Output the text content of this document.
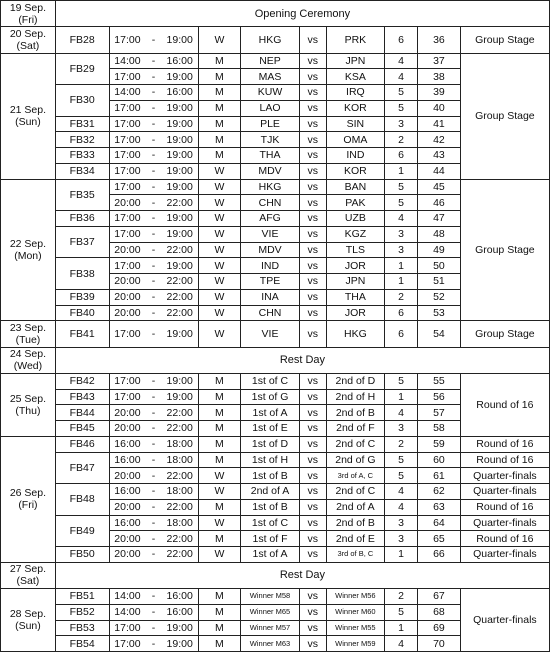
19 Sep.
(Fri)	Opening Ceremony								

20 Sep.
(Sat)	FB28	17:00 - 19:00	W	HKG	vs	PRK	6	36	Group Stage

21 Sep.
(Sun)	FB29	14:00 - 16:00	M	NEP	vs	JPN	4	37	Group Stage
		17:00 - 19:00	M	MAS	vs	KSA	4	38	
	FB30	14:00 - 16:00	M	KUW	vs	IRQ	5	39	
		17:00 - 19:00	M	LAO	vs	KOR	5	40	
	FB31	17:00 - 19:00	M	PLE	vs	SIN	3	41	
	FB32	17:00 - 19:00	M	TJK	vs	OMA	2	42	
	FB33	17:00 - 19:00	M	THA	vs	IND	6	43	
	FB34	17:00 - 19:00	W	MDV	vs	KOR	1	44	

22 Sep.
(Mon)	FB35	17:00 - 19:00	W	HKG	vs	BAN	5	45	Group Stage
		20:00 - 22:00	W	CHN	vs	PAK	5	46	
	FB36	17:00 - 19:00	W	AFG	vs	UZB	4	47	
	FB37	17:00 - 19:00	W	VIE	vs	KGZ	3	48	
		20:00 - 22:00	W	MDV	vs	TLS	3	49	
	FB38	17:00 - 19:00	W	IND	vs	JOR	1	50	
		20:00 - 22:00	W	TPE	vs	JPN	1	51	
	FB39	20:00 - 22:00	W	INA	vs	THA	2	52	
	FB40	20:00 - 22:00	W	CHN	vs	JOR	6	53	

23 Sep.
(Tue)	FB41	17:00 - 19:00	W	VIE	vs	HKG	6	54	Group Stage

24 Sep.
(Wed)	Rest Day								

25 Sep.
(Thu)	FB42	17:00 - 19:00	M	1st of C	vs	2nd of D	5	55	Round of 16
	FB43	17:00 - 19:00	M	1st of G	vs	2nd of H	1	56	
	FB44	20:00 - 22:00	M	1st of A	vs	2nd of B	4	57	
	FB45	20:00 - 22:00	M	1st of E	vs	2nd of F	3	58	

26 Sep.
(Fri)	FB46	16:00 - 18:00	M	1st of D	vs	2nd of C	2	59	Round of 16
	FB47	16:00 - 18:00	M	1st of H	vs	2nd of G	5	60	Round of 16
		20:00 - 22:00	W	1st of B	vs	3rd of A, C	5	61	Quarter-finals
	FB48	16:00 - 18:00	W	2nd of A	vs	2nd of C	4	62	Quarter-finals
		20:00 - 22:00	M	1st of B	vs	2nd of A	4	63	Round of 16
	FB49	16:00 - 18:00	W	1st of C	vs	2nd of B	3	64	Quarter-finals
		20:00 - 22:00	M	1st of F	vs	2nd of E	3	65	Round of 16
	FB50	20:00 - 22:00	W	1st of A	vs	3rd of B, C	1	66	Quarter-finals

27 Sep.
(Sat)	Rest Day								

28 Sep.
(Sun)	FB51	14:00 - 16:00	M	Winner M58	vs	Winner M56	2	67	Quarter-finals
	FB52	14:00 - 16:00	M	Winner M65	vs	Winner M60	5	68	
	FB53	17:00 - 19:00	M	Winner M57	vs	Winner M55	1	69	
	FB54	17:00 - 19:00	M	Winner M63	vs	Winner M59	4	70	
